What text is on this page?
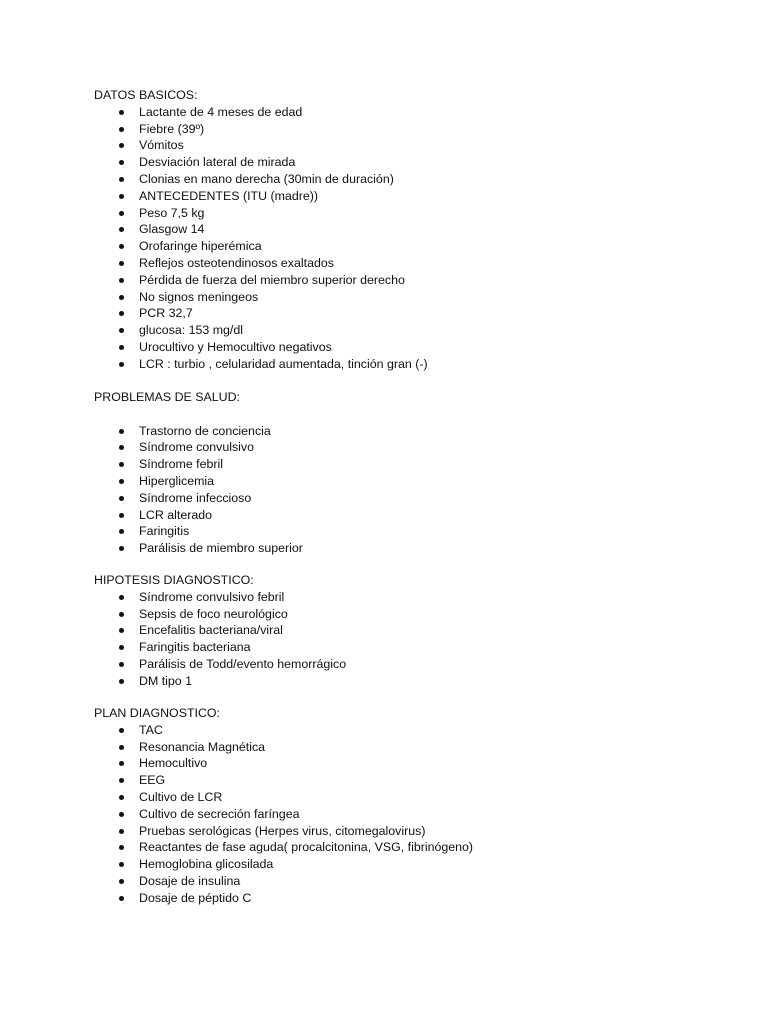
DATOS BASICOS:

Lactante de 4 meses de edad
Fiebre (39º)
Vómitos
Desviación lateral de mirada
Clonias en mano derecha (30min de duración)
ANTECEDENTES (ITU (madre))
Peso 7,5 kg
Glasgow 14
Orofaringe hiperémica
Reflejos osteotendinosos exaltados
Pérdida de fuerza del miembro superior derecho
No signos meningeos
PCR 32,7
glucosa: 153 mg/dl
Urocultivo y Hemocultivo negativos
LCR : turbio , celularidad aumentada, tinción gran (-)

PROBLEMAS DE SALUD:

Trastorno de conciencia
Síndrome convulsivo
Síndrome febril
Hiperglicemia
Síndrome infeccioso
LCR alterado
Faringitis
Parálisis de miembro superior

HIPOTESIS DIAGNOSTICO:

Síndrome convulsivo febril
Sepsis de foco neurológico
Encefalitis bacteriana/viral
Faringitis bacteriana
Parálisis de Todd/evento hemorrágico
DM tipo 1

PLAN DIAGNOSTICO:

TAC
Resonancia Magnética
Hemocultivo
EEG
Cultivo de LCR
Cultivo de secreción faríngea
Pruebas serológicas (Herpes virus, citomegalovirus)
Reactantes de fase aguda( procalcitonina, VSG, fibrinógeno)
Hemoglobina glicosilada
Dosaje de insulina
Dosaje de péptido C
